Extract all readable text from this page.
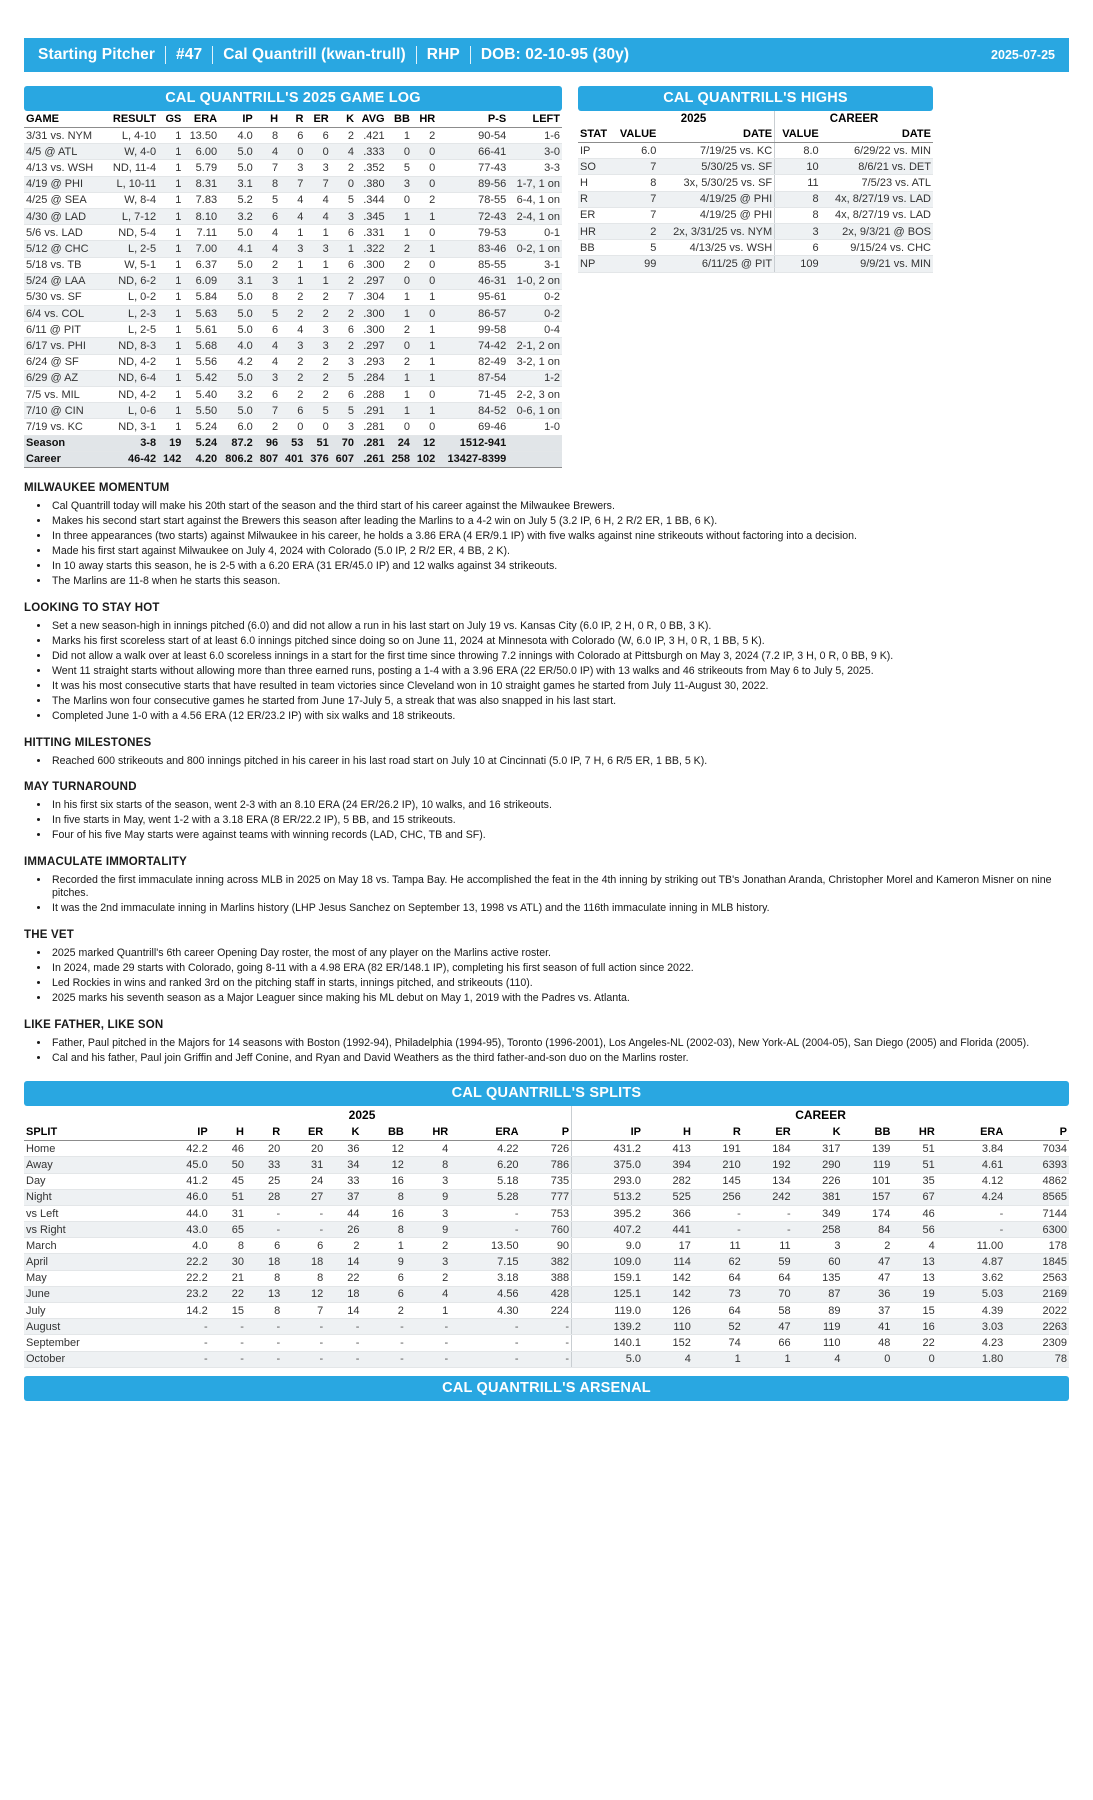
Starting Pitcher #47 Cal Quantrill (kwan-trull) RHP DOB: 02-10-95 (30y)	2025-07-25
CAL QUANTRILL'S 2025 GAME LOG
GAME	RESULT	GS	ERA	IP	H	R	ER	K	AVG	BB	HR	P-S	LEFT
3/31 vs. NYM	L, 4-10	1	13.50	4.0	8	6	6	2	.421	1	2	90-54	1-6
4/5 @ ATL	W, 4-0	1	6.00	5.0	4	0	0	4	.333	0	0	66-41	3-0
4/13 vs. WSH	ND, 11-4	1	5.79	5.0	7	3	3	2	.352	5	0	77-43	3-3
4/19 @ PHI	L, 10-11	1	8.31	3.1	8	7	7	0	.380	3	0	89-56	1-7, 1 on
4/25 @ SEA	W, 8-4	1	7.83	5.2	5	4	4	5	.344	0	2	78-55	6-4, 1 on
4/30 @ LAD	L, 7-12	1	8.10	3.2	6	4	4	3	.345	1	1	72-43	2-4, 1 on
5/6 vs. LAD	ND, 5-4	1	7.11	5.0	4	1	1	6	.331	1	0	79-53	0-1
5/12 @ CHC	L, 2-5	1	7.00	4.1	4	3	3	1	.322	2	1	83-46	0-2, 1 on
5/18 vs. TB	W, 5-1	1	6.37	5.0	2	1	1	6	.300	2	0	85-55	3-1
5/24 @ LAA	ND, 6-2	1	6.09	3.1	3	1	1	2	.297	0	0	46-31	1-0, 2 on
5/30 vs. SF	L, 0-2	1	5.84	5.0	8	2	2	7	.304	1	1	95-61	0-2
6/4 vs. COL	L, 2-3	1	5.63	5.0	5	2	2	2	.300	1	0	86-57	0-2
6/11 @ PIT	L, 2-5	1	5.61	5.0	6	4	3	6	.300	2	1	99-58	0-4
6/17 vs. PHI	ND, 8-3	1	5.68	4.0	4	3	3	2	.297	0	1	74-42	2-1, 2 on
6/24 @ SF	ND, 4-2	1	5.56	4.2	4	2	2	3	.293	2	1	82-49	3-2, 1 on
6/29 @ AZ	ND, 6-4	1	5.42	5.0	3	2	2	5	.284	1	1	87-54	1-2
7/5 vs. MIL	ND, 4-2	1	5.40	3.2	6	2	2	6	.288	1	0	71-45	2-2, 3 on
7/10 @ CIN	L, 0-6	1	5.50	5.0	7	6	5	5	.291	1	1	84-52	0-6, 1 on
7/19 vs. KC	ND, 3-1	1	5.24	6.0	2	0	0	3	.281	0	0	69-46	1-0
Season	3-8	19	5.24	87.2	96	53	51	70	.281	24	12	1512-941	
Career	46-42	142	4.20	806.2	807	401	376	607	.261	258	102	13427-8399	
CAL QUANTRILL'S HIGHS
	2025		CAREER	
STAT	VALUE	DATE	VALUE	DATE
IP	6.0	7/19/25 vs. KC	8.0	6/29/22 vs. MIN
SO	7	5/30/25 vs. SF	10	8/6/21 vs. DET
H	8	3x, 5/30/25 vs. SF	11	7/5/23 vs. ATL
R	7	4/19/25 @ PHI	8	4x, 8/27/19 vs. LAD
ER	7	4/19/25 @ PHI	8	4x, 8/27/19 vs. LAD
HR	2	2x, 3/31/25 vs. NYM	3	2x, 9/3/21 @ BOS
BB	5	4/13/25 vs. WSH	6	9/15/24 vs. CHC
NP	99	6/11/25 @ PIT	109	9/9/21 vs. MIN
MILWAUKEE MOMENTUM
• Cal Quantrill today will make his 20th start of the season and the third start of his career against the Milwaukee Brewers.
• Makes his second start start against the Brewers this season after leading the Marlins to a 4-2 win on July 5 (3.2 IP, 6 H, 2 R/2 ER, 1 BB, 6 K).
• In three appearances (two starts) against Milwaukee in his career, he holds a 3.86 ERA (4 ER/9.1 IP) with five walks against nine strikeouts without factoring into a decision.
• Made his first start against Milwaukee on July 4, 2024 with Colorado (5.0 IP, 2 R/2 ER, 4 BB, 2 K).
• In 10 away starts this season, he is 2-5 with a 6.20 ERA (31 ER/45.0 IP) and 12 walks against 34 strikeouts.
• The Marlins are 11-8 when he starts this season.
LOOKING TO STAY HOT
• Set a new season-high in innings pitched (6.0) and did not allow a run in his last start on July 19 vs. Kansas City (6.0 IP, 2 H, 0 R, 0 BB, 3 K).
• Marks his first scoreless start of at least 6.0 innings pitched since doing so on June 11, 2024 at Minnesota with Colorado (W, 6.0 IP, 3 H, 0 R, 1 BB, 5 K).
• Did not allow a walk over at least 6.0 scoreless innings in a start for the first time since throwing 7.2 innings with Colorado at Pittsburgh on May 3, 2024 (7.2 IP, 3 H, 0 R, 0 BB, 9 K).
• Went 11 straight starts without allowing more than three earned runs, posting a 1-4 with a 3.96 ERA (22 ER/50.0 IP) with 13 walks and 46 strikeouts from May 6 to July 5, 2025.
• It was his most consecutive starts that have resulted in team victories since Cleveland won in 10 straight games he started from July 11-August 30, 2022.
• The Marlins won four consecutive games he started from June 17-July 5, a streak that was also snapped in his last start.
• Completed June 1-0 with a 4.56 ERA (12 ER/23.2 IP) with six walks and 18 strikeouts.
HITTING MILESTONES
• Reached 600 strikeouts and 800 innings pitched in his career in his last road start on July 10 at Cincinnati (5.0 IP, 7 H, 6 R/5 ER, 1 BB, 5 K).
MAY TURNAROUND
• In his first six starts of the season, went 2-3 with an 8.10 ERA (24 ER/26.2 IP), 10 walks, and 16 strikeouts.
• In five starts in May, went 1-2 with a 3.18 ERA (8 ER/22.2 IP), 5 BB, and 15 strikeouts.
• Four of his five May starts were against teams with winning records (LAD, CHC, TB and SF).
IMMACULATE IMMORTALITY
• Recorded the first immaculate inning across MLB in 2025 on May 18 vs. Tampa Bay. He accomplished the feat in the 4th inning by striking out TB's Jonathan Aranda, Christopher Morel and Kameron Misner on nine pitches.
• It was the 2nd immaculate inning in Marlins history (LHP Jesus Sanchez on September 13, 1998 vs ATL) and the 116th immaculate inning in MLB history.
THE VET
• 2025 marked Quantrill's 6th career Opening Day roster, the most of any player on the Marlins active roster.
• In 2024, made 29 starts with Colorado, going 8-11 with a 4.98 ERA (82 ER/148.1 IP), completing his first season of full action since 2022.
• Led Rockies in wins and ranked 3rd on the pitching staff in starts, innings pitched, and strikeouts (110).
• 2025 marks his seventh season as a Major Leaguer since making his ML debut on May 1, 2019 with the Padres vs. Atlanta.
LIKE FATHER, LIKE SON
• Father, Paul pitched in the Majors for 14 seasons with Boston (1992-94), Philadelphia (1994-95), Toronto (1996-2001), Los Angeles-NL (2002-03), New York-AL (2004-05), San Diego (2005) and Florida (2005).
• Cal and his father, Paul join Griffin and Jeff Conine, and Ryan and David Weathers as the third father-and-son duo on the Marlins roster.
CAL QUANTRILL'S SPLITS
	2025									CAREER								
SPLIT	IP	H	R	ER	K	BB	HR	ERA	P	IP	H	R	ER	K	BB	HR	ERA	P
Home	42.2	46	20	20	36	12	4	4.22	726	431.2	413	191	184	317	139	51	3.84	7034
Away	45.0	50	33	31	34	12	8	6.20	786	375.0	394	210	192	290	119	51	4.61	6393
Day	41.2	45	25	24	33	16	3	5.18	735	293.0	282	145	134	226	101	35	4.12	4862
Night	46.0	51	28	27	37	8	9	5.28	777	513.2	525	256	242	381	157	67	4.24	8565
vs Left	44.0	31	-	-	44	16	3	-	753	395.2	366	-	-	349	174	46	-	7144
vs Right	43.0	65	-	-	26	8	9	-	760	407.2	441	-	-	258	84	56	-	6300
March	4.0	8	6	6	2	1	2	13.50	90	9.0	17	11	11	3	2	4	11.00	178
April	22.2	30	18	18	14	9	3	7.15	382	109.0	114	62	59	60	47	13	4.87	1845
May	22.2	21	8	8	22	6	2	3.18	388	159.1	142	64	64	135	47	13	3.62	2563
June	23.2	22	13	12	18	6	4	4.56	428	125.1	142	73	70	87	36	19	5.03	2169
July	14.2	15	8	7	14	2	1	4.30	224	119.0	126	64	58	89	37	15	4.39	2022
August	-	-	-	-	-	-	-	-	-	139.2	110	52	47	119	41	16	3.03	2263
September	-	-	-	-	-	-	-	-	-	140.1	152	74	66	110	48	22	4.23	2309
October	-	-	-	-	-	-	-	-	-	5.0	4	1	1	4	0	0	1.80	78
CAL QUANTRILL'S ARSENAL
